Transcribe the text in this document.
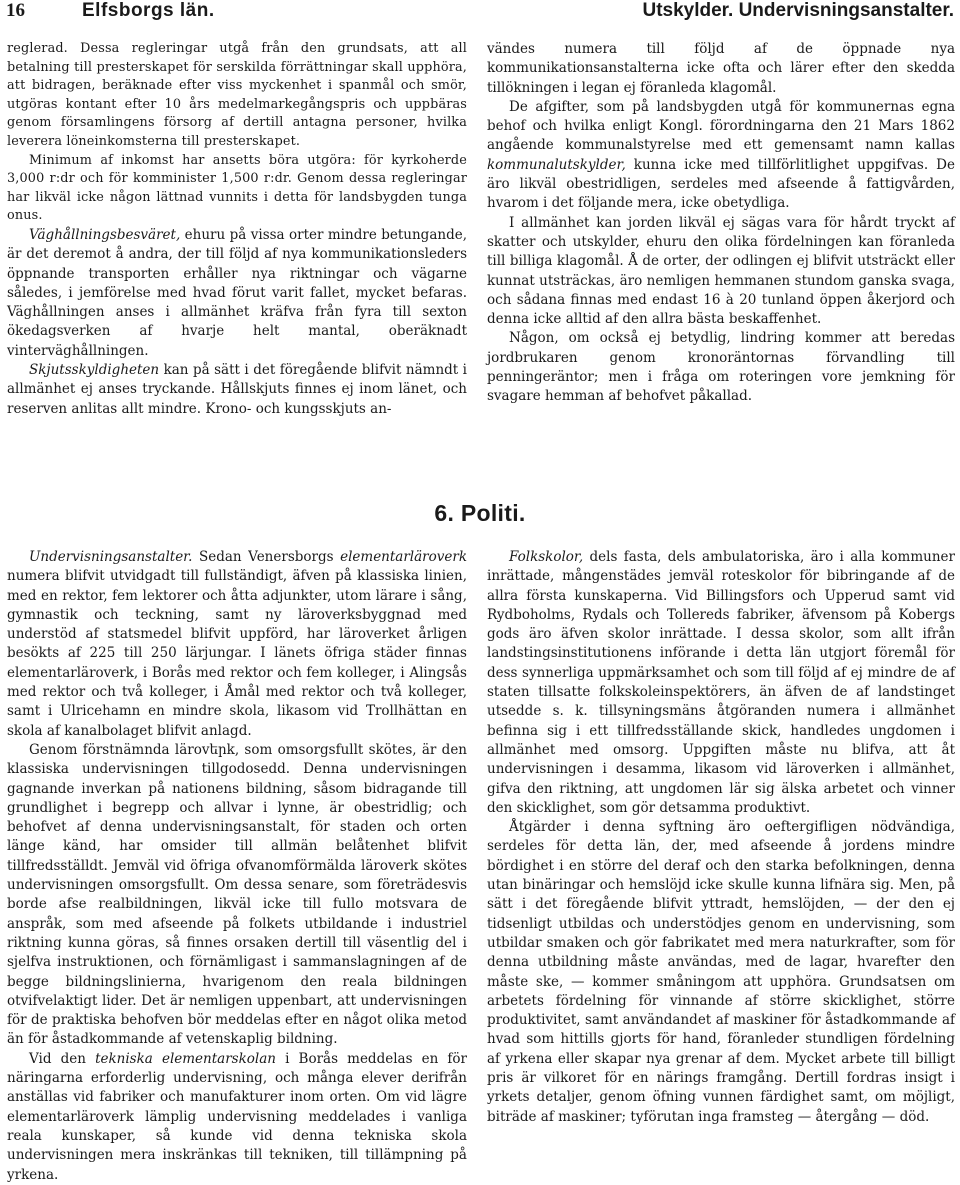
16	Elfsborgs län.	Utskylder. Undervisningsanstalter.

reglerad. Dessa regleringar utgå från den grundsats, att all betalning till presterskapet för serskilda förrättningar skall upphöra, att bidragen, beräknade efter viss myckenhet i spanmål och smör, utgöras kontant efter 10 års medelmarkegångspris och uppbäras genom församlingens försorg af dertill antagna personer, hvilka leverera löneinkomsterna till presterskapet.

Minimum af inkomst har ansetts böra utgöra: för kyrkoherde 3,000 r:dr och för komminister 1,500 r:dr. Genom dessa regleringar har likväl icke någon lättnad vunnits i detta för landsbygden tunga onus.

Väghållningsbesväret, ehuru på vissa orter mindre betungande, är det deremot å andra, der till följd af nya kommunikationsleders öppnande transporten erhåller nya riktningar och vägarne således, i jemförelse med hvad förut varit fallet, mycket befaras. Väghållningen anses i allmänhet kräfva från fyra till sexton ökedagsverken af hvarje helt mantal, oberäknadt vinterväghållningen.

Skjutsskyldigheten kan på sätt i det föregående blifvit nämndt i allmänhet ej anses tryckande. Hållskjuts finnes ej inom länet, och reserven anlitas allt mindre. Krono- och kungsskjuts an-

vändes numera till följd af de öppnade nya kommunikationsanstalterna icke ofta och lärer efter den skedda tillökningen i legan ej föranleda klagomål.

De afgifter, som på landsbygden utgå för kommunernas egna behof och hvilka enligt Kongl. förordningarna den 21 Mars 1862 angående kommunalstyrelse med ett gemensamt namn kallas kommunalutskylder, kunna icke med tillförlitlighet uppgifvas. De äro likväl obestridligen, serdeles med afseende å fattigvården, hvarom i det följande mera, icke obetydliga.

I allmänhet kan jorden likväl ej sägas vara för hårdt tryckt af skatter och utskylder, ehuru den olika fördelningen kan föranleda till billiga klagomål. Å de orter, der odlingen ej blifvit utsträckt eller kunnat utsträckas, äro nemligen hemmanen stundom ganska svaga, och sådana finnas med endast 16 à 20 tunland öppen åkerjord och denna icke alltid af den allra bästa beskaffenhet.

Någon, om också ej betydlig, lindring kommer att beredas jordbrukaren genom kronoräntornas förvandling till penningeräntor; men i fråga om roteringen vore jemkning för svagare hemman af behofvet påkallad.

6. Politi.

Undervisningsanstalter. Sedan Venersborgs elementarläroverk numera blifvit utvidgadt till fullständigt, äfven på klassiska linien, med en rektor, fem lektorer och åtta adjunkter, utom lärare i sång, gymnastik och teckning, samt ny läroverksbyggnad med understöd af statsmedel blifvit uppförd, har läroverket årligen besökts af 225 till 250 lärjungar. I länets öfriga städer finnas elementarläroverk, i Borås med rektor och fem kolleger, i Alingsås med rektor och två kolleger, i Åmål med rektor och två kolleger, samt i Ulricehamn en mindre skola, likasom vid Trollhättan en skola af kanalbolaget blifvit anlagd.

Genom förstnämnda lärovերk, som omsorgsfullt skötes, är den klassiska undervisningen tillgodosedd. Denna undervisningen gagnande inverkan på nationens bildning, såsom bidragande till grundlighet i begrepp och allvar i lynne, är obestridlig; och behofvet af denna undervisningsanstalt, för staden och orten länge känd, har omsider till allmän belåtenhet blifvit tillfredsställdt. Jemväl vid öfriga ofvanomförmälda lärovеrk skötes undervisningen omsorgsfullt. Om dessa senare, som företrädesvis borde afse realbildningen, likväl icke till fullo motsvara de anspråk, som med afseende på folkets utbildande i industriel riktning kunna göras, så finnes orsaken dertill till väsentlig del i sjelfva instruktionen, och förnämligast i sammanslagningen af de begge bildningslinierna, hvarigenom den reala bildningen otvifvelaktigt lider. Det är nemligen uppenbart, att undervisningen för de praktiska behofven bör meddelas efter en något olika metod än för åstadkommande af vetenskaplig bildning.

Vid den tekniska elementarskolan i Borås meddelas en för näringarna erforderlig undervisning, och många elever derifrån anställas vid fabriker och manufakturer inom orten. Om vid lägre elementarläroverk lämplig undervisning meddelades i vanliga reala kunskaper, så kunde vid denna tekniska skola undervisningen mera inskränkas till tekniken, till tillämpning på yrkena.

Folkskolor, dels fasta, dels ambulatoriska, äro i alla kommuner inrättade, mångenstädes jemväl roteskolor för bibringande af de allra första kunskaperna. Vid Billingsfors och Upperud samt vid Rydboholms, Rydals och Tollereds fabriker, äfvensom på Kobergs gods äro äfven skolor inrättade. I dessa skolor, som allt ifrån landstingsinstitutionens införande i detta län utgjort föremål för dess synnerliga uppmärksamhet och som till följd af ej mindre de af staten tillsatte folkskoleinspektörers, än äfven de af landstinget utsedde s. k. tillsyningsmäns åtgöranden numera i allmänhet befinna sig i ett tillfredsställande skick, handledes ungdomen i allmänhet med omsorg. Uppgiften måste nu blifva, att åt undervisningen i desamma, likasom vid läroverken i allmänhet, gifva den riktning, att ungdomen lär sig älska arbetet och vinner den skicklighet, som gör detsamma produktivt.

Åtgärder i denna syftning äro oeftergifligen nödvändiga, serdeles för detta län, der, med afseende å jordens mindre bördighet i en större del deraf och den starka befolkningen, denna utan binäringar och hemslöjd icke skulle kunna lifnära sig. Men, på sätt i det föregående blifvit yttradt, hemslöjden, — der den ej tidsenligt utbildas och understödjes genom en undervisning, som utbildar smaken och gör fabrikatet med mera naturkrafter, som för denna utbildning måste användas, med de lagar, hvarefter den måste ske, — kommer småningom att upphöra. Grundsatsen om arbetets fördelning för vinnande af större skicklighet, större produktivitet, samt användandet af maskiner för åstadkommande af hvad som hittills gjorts för hand, föranleder stundligen fördelning af yrkena eller skapar nya grenar af dem. Mycket arbete till billigt pris är vilkoret för en närings framgång. Dertill fordras insigt i yrkets detaljer, genom öfning vunnen färdighet samt, om möjligt, biträde af maskiner; tyförutan inga framsteg — återgång — död.
